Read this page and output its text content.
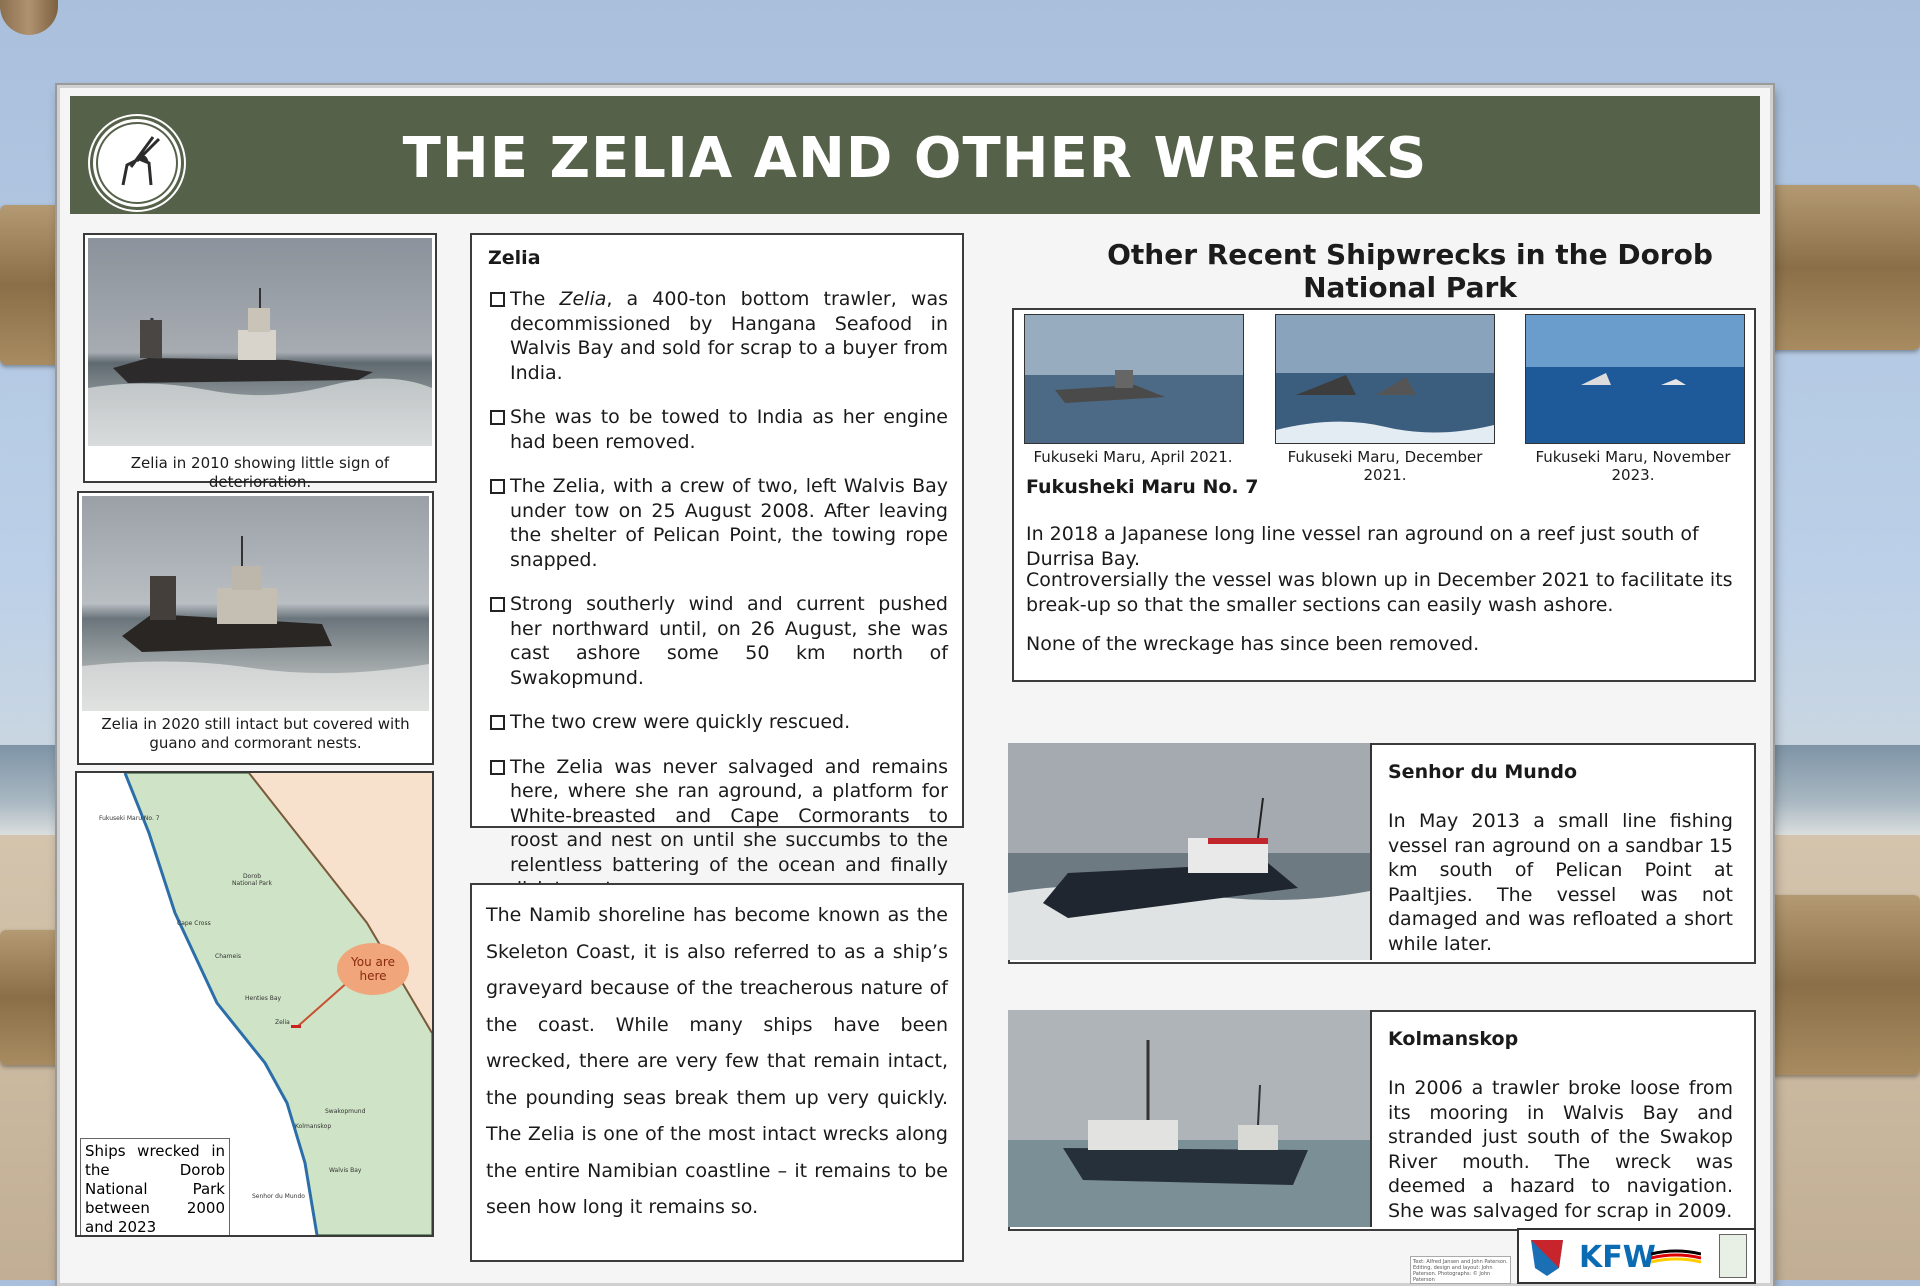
THE ZELIA AND OTHER WRECKS
Zelia in 2010 showing little sign of deterioration.
Zelia in 2020 still intact but covered with guano and cormorant nests.
Fukuseki Maru No. 7
Dorob National Park
Cape Cross
Chameis
Henties Bay
Zelia
Swakopmund
Kolmanskop
Walvis Bay
Senhor du Mundo
You are here
Ships wrecked in the Dorob National Park between 2000 and 2023
Zelia
The Zelia, a 400-ton bottom trawler, was decommissioned by Hangana Seafood in Walvis Bay and sold for scrap to a buyer from India.
She was to be towed to India as her engine had been removed.
The Zelia, with a crew of two, left Walvis Bay under tow on 25 August 2008. After leaving the shelter of Pelican Point, the towing rope snapped.
Strong southerly wind and current pushed her northward until, on 26 August, she was cast ashore some 50 km north of Swakopmund.
The two crew were quickly rescued.
The Zelia was never salvaged and remains here, where she ran aground, a platform for White-breasted and Cape Cormorants to roost and nest on until she succumbs to the relentless battering of the ocean and finally
The Namib shoreline has become known as the Skeleton Coast, it is also referred to as a ship’s graveyard because of the treacherous nature of the coast. While many ships have been wrecked, there are very few that remain intact, the pounding seas break them up very quickly. The Zelia is one of the most intact wrecks along the entire Namibian coastline – it remains to be seen how long it remains so.
Other Recent Shipwrecks in the Dorob National Park
Fukuseki Maru, April 2021.	Fukuseki Maru, December 2021.
Fukuseki Maru, November 2023.
Fukusheki Maru No. 7
In 2018 a Japanese long line vessel ran aground on a reef just south of Durrisa Bay.
Controversially the vessel was blown up in December 2021 to facilitate its break-up so that the smaller sections can easily wash ashore.
None of the wreckage has since been removed.
Senhor du Mundo
In May 2013 a small line fishing vessel ran aground on a sandbar 15 km south of Pelican Point at Paaltjies. The vessel was not damaged and was refloated a short while later.
Kolmanskop
In 2006 a trawler broke loose from its mooring in Walvis Bay and stranded just south of the Swakop River mouth. The wreck was deemed a hazard to navigation. She was salvaged for scrap in 2009.
Text: Alfred Jansen and John Paterson. Editing, design and layout: John Paterson. Photographs: © John Paterson
KFW
